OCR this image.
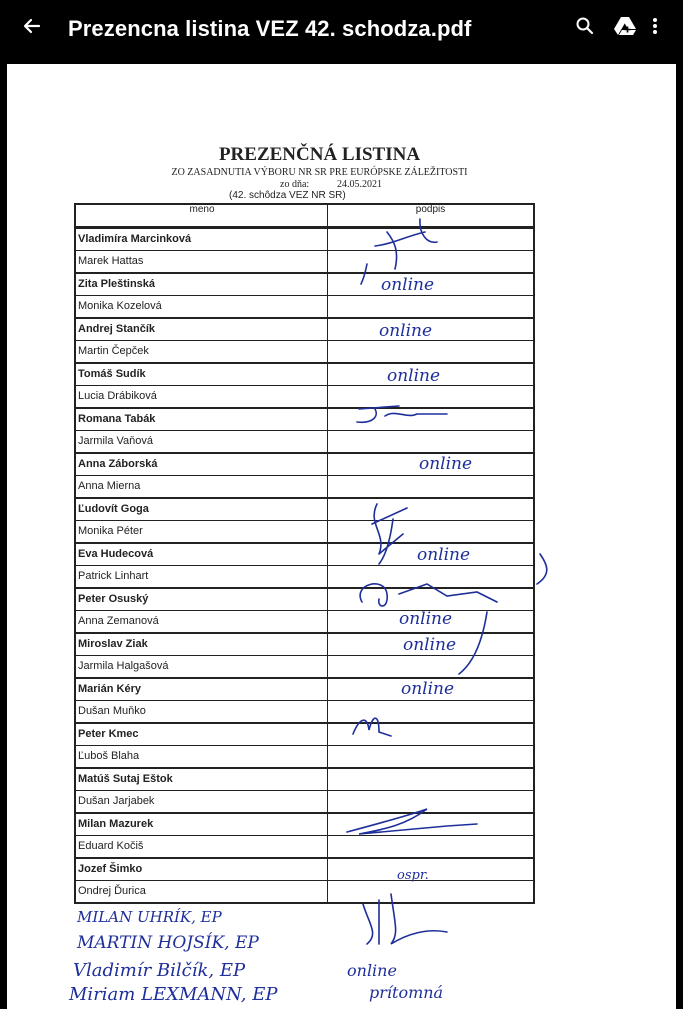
Prezencna listina VEZ 42. schodza.pdf
PREZENČNÁ LISTINA
ZO ZASADNUTIA VÝBORU NR SR PRE EURÓPSKE ZÁLEŽITOSTI
zo dňa:	24.05.2021
(42. schôdza VEZ NR SR)
meno	podpis
Vladimíra Marcinková
Marek Hattas
Zita Pleštinská
Monika Kozelová
Andrej Stančík
Martin Čepček
Tomáš Sudík
Lucia Drábiková
Romana Tabák
Jarmila Vaňová
Anna Záborská
Anna Mierna
Ľudovít Goga
Monika Péter
Eva Hudecová
Patrick Linhart
Peter Osuský
Anna Zemanová
Miroslav Ziak
Jarmila Halgašová
Marián Kéry
Dušan Muňko
Peter Kmec
Ľuboš Blaha
Matúš Sutaj Eštok
Dušan Jarjabek
Milan Mazurek
Eduard Kočiš
Jozef Šimko
Ondrej Ďurica
online
online
online
online
online
online
online
online
ospr.
MILAN UHRÍK, EP
MARTIN HOJSÍK, EP
Vladimír Bilčík, EP
Miriam LEXMANN, EP
online
prítomná
